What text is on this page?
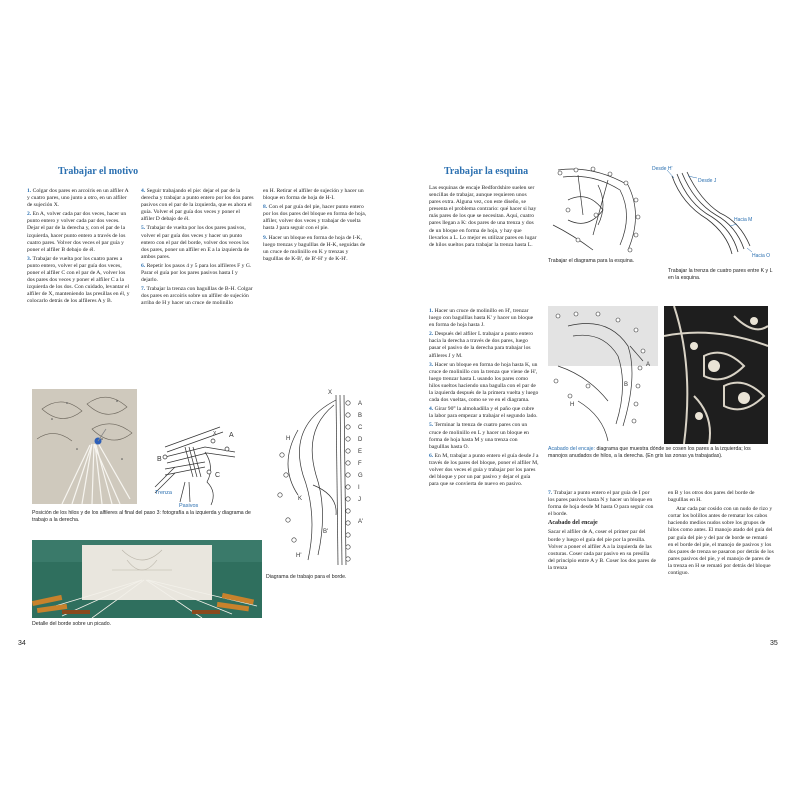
Trabajar el motivo

1. Colgar dos pares en arcoíris en un alfiler A y cuatro pares, uno junto a otro, en un alfiler de sujeción X.

2. En A, volver cada par dos veces, hacer un punto entero y volver cada par dos veces. Dejar el par de la derecha y, con el par de la izquierda, hacer punto entero a través de los cuatro pares. Volver dos veces el par guía y poner el alfiler B debajo de él.

3. Trabajar de vuelta por los cuatro pares a punto entero, volver el par guía dos veces, poner el alfiler C con el par de A, volver los dos pares dos veces y poner el alfiler C a la izquierda de los dos. Con cuidado, levantar el alfiler de X, manteniendo las presillas en él, y colocarlo detrás de los alfileres A y B.

4. Seguir trabajando el pie: dejar el par de la derecha y trabajar a punto entero por los dos pares pasivos con el par de la izquierda, que es ahora el guía. Volver el par guía dos veces y poner el alfiler D debajo de él.

5. Trabajar de vuelta por los dos pares pasivos, volver el par guía dos veces y hacer un punto entero con el par del borde, volver dos veces los dos pares, poner un alfiler en E a la izquierda de ambos pares.

6. Repetir los pasos 4 y 5 para los alfileres F y G. Parar el guía por los pares pasivos hasta I y dejarlo.

7. Trabajar la trenza con bagulllas de B-H. Colgar dos pares en arcoíris sobre un alfiler de sujeción arriba de H y hacer un cruce de molinillo

en H. Retirar el alfiler de sujeción y hacer un bloque en forma de hoja de H-I.

8. Con el par guía del pie, hacer punto entero por los dos pares del bloque en forma de hoja, alfiler, volver dos veces y trabajar de vuelta hasta J para seguir con el pie.

9. Hacer un bloque en forma de hoja de I-K, luego trenzas y bagulllas de H-K, seguidas de un cruce de molinillo en K y trenzas y bagulllas de K-B', de B'-H' y de K-H'.

A
B
C
X
Trenza
Pasivos
Posición de los hilos y de los alfileres al final del paso 3: fotografía a la izquierda y diagrama de trabajo a la derecha.
Detalle del borde sobre un picado.
X
A
B
C
D
E
F
G
H
I
J
K
B'
A'
H'
Diagrama de trabajo para el borde.
34
Trabajar la esquina
Las esquinas de encaje Bedfordshire suelen ser sencillas de trabajar, aunque requieren unos pares extra. Alguna vez, con este diseño, se presenta el problema contrario: qué hacer si hay más pares de los que se necesitan. Aquí, cuatro pares llegan a K: dos pares de una trenza y dos de un bloque en forma de hoja, y hay que llevarlos a L. Lo mejor es utilizar pares en lugar de hilos sueltos para trabajar la trenza hasta L.

1. Hacer un cruce de molinillo en H', trenzar luego con bagulllas hasta K' y hacer un bloque en forma de hoja hasta J.

2. Después del alfiler L trabajar a punto entero hacia la derecha a través de dos pares, luego pasar el pasivo de la derecha para trabajar los alfileres J y M.

3. Hacer un bloque en forma de hoja hasta K, un cruce de molinillo con la trenza que viene de H', luego trenzar hasta L usando los pares como hilos sueltos haciendo una bagulla con el par de la izquierda después de la primera vuelta y luego cada dos vueltas, como se ve en el diagrama.

4. Girar 90° la almohadilla y el paño que cubre la labor para empezar a trabajar el segundo lado.

5. Terminar la trenza de cuatro pares con un cruce de molinillo en L y hacer un bloque en forma de hoja hasta M y una trenza con bagulllas hasta O.

6. En M, trabajar a punto entero el guía desde J a través de los pares del bloque, poner el alfiler M, volver dos veces el guía y trabajar por los pares del bloque y por un par pasivo y dejar el guía para que se convierta de nuevo en pasivo.

Trabajar el diagrama para la esquina.
Desde H'
Desde J
Hacia M
Hacia O
Trabajar la trenza de cuatro pares entre K y L en la esquina.
A
B
H
Acabado del encaje: diagrama que muestra dónde se cosen los pares a la izquierda; los manojos anudados de hilos, a la derecha. (En gris las zonas ya trabajadas).

7. Trabajar a punto entero el par guía de I por los pares pasivos hasta N y hacer un bloque en forma de hoja desde M hasta O para seguir con el borde.

Acabado del encaje

Sacar el alfiler de A, coser el primer par del borde y luego el guía del pie por la presilla. Volver a poner el alfiler A a la izquierda de las costuras. Coser cada par pasivo en su presilla del principio entre A y B. Coser los dos pares de la trenza

en B y los otros dos pares del borde de bagulllas en H.

Atar cada par cosido con un nudo de rizo y cortar los bolillos antes de rematar los cabos haciendo medios nudos sobre los grupos de hilos como antes. El manojo atado del guía del par guía del pie y del par de borde se remató en el borde del pie, el manojo de pasivos y los dos pares de trenza se pasaron por detrás de los pares pasivos del pie, y el manojo de pares de la trenza en H se remató por detrás del bloque contiguo.

35
